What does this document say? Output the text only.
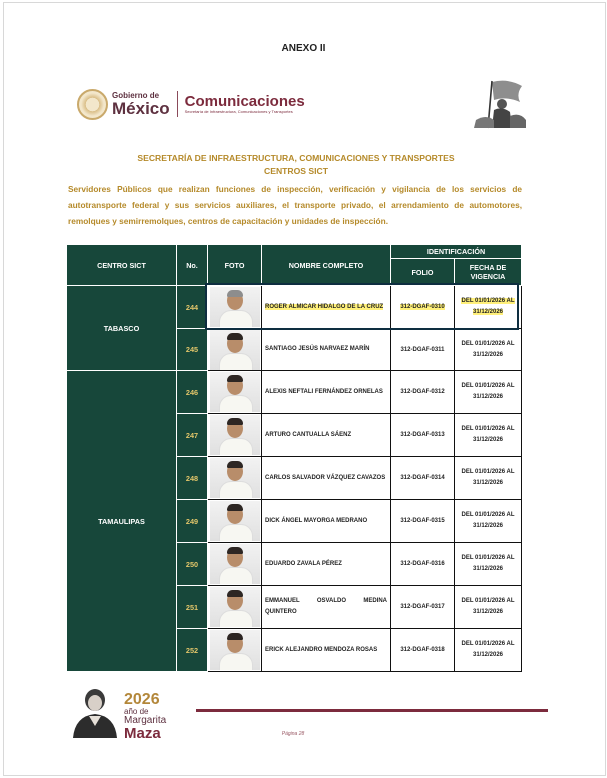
ANEXO II
Gobierno de
México Comunicaciones
Secretaría de Infraestructura, Comunicaciones y Transportes
SECRETARÍA DE INFRAESTRUCTURA, COMUNICACIONES Y TRANSPORTES
CENTROS SICT
Servidores Públicos que realizan funciones de inspección, verificación y vigilancia de los servicios de autotransporte federal y sus servicios auxiliares, el transporte privado, el arrendamiento de automotores, remolques y semirremolques, centros de capacitación y unidades de inspección.
CENTRO SICT	No.	FOTO	NOMBRE COMPLETO	IDENTIFICACIÓN	
				FOLIO	FECHA DE VIGENCIA
TABASCO	244		ROGER ALMICAR HIDALGO DE LA CRUZ	312-DGAF-0310	DEL 01/01/2026 AL
31/12/2026
	245		SANTIAGO JESÚS NARVAEZ MARÍN	312-DGAF-0311	DEL 01/01/2026 AL
31/12/2026
TAMAULIPAS	246		ALEXIS NEFTALI FERNÁNDEZ ORNELAS	312-DGAF-0312	DEL 01/01/2026 AL
31/12/2026
	247		ARTURO CANTUALLA SÁENZ	312-DGAF-0313	DEL 01/01/2026 AL
31/12/2026
	248		CARLOS SALVADOR VÁZQUEZ CAVAZOS	312-DGAF-0314	DEL 01/01/2026 AL
31/12/2026
	249		DICK ÁNGEL MAYORGA MEDRANO	312-DGAF-0315	DEL 01/01/2026 AL
31/12/2026
	250		EDUARDO ZAVALA PÉREZ	312-DGAF-0316	DEL 01/01/2026 AL
31/12/2026
	251		EMMANUEL OSVALDO MEDINA QUINTERO	312-DGAF-0317	DEL 01/01/2026 AL
31/12/2026
	252		ERICK ALEJANDRO MENDOZA ROSAS	312-DGAF-0318	DEL 01/01/2026 AL
31/12/2026
2026
año de
Margarita
Maza	Página 28
